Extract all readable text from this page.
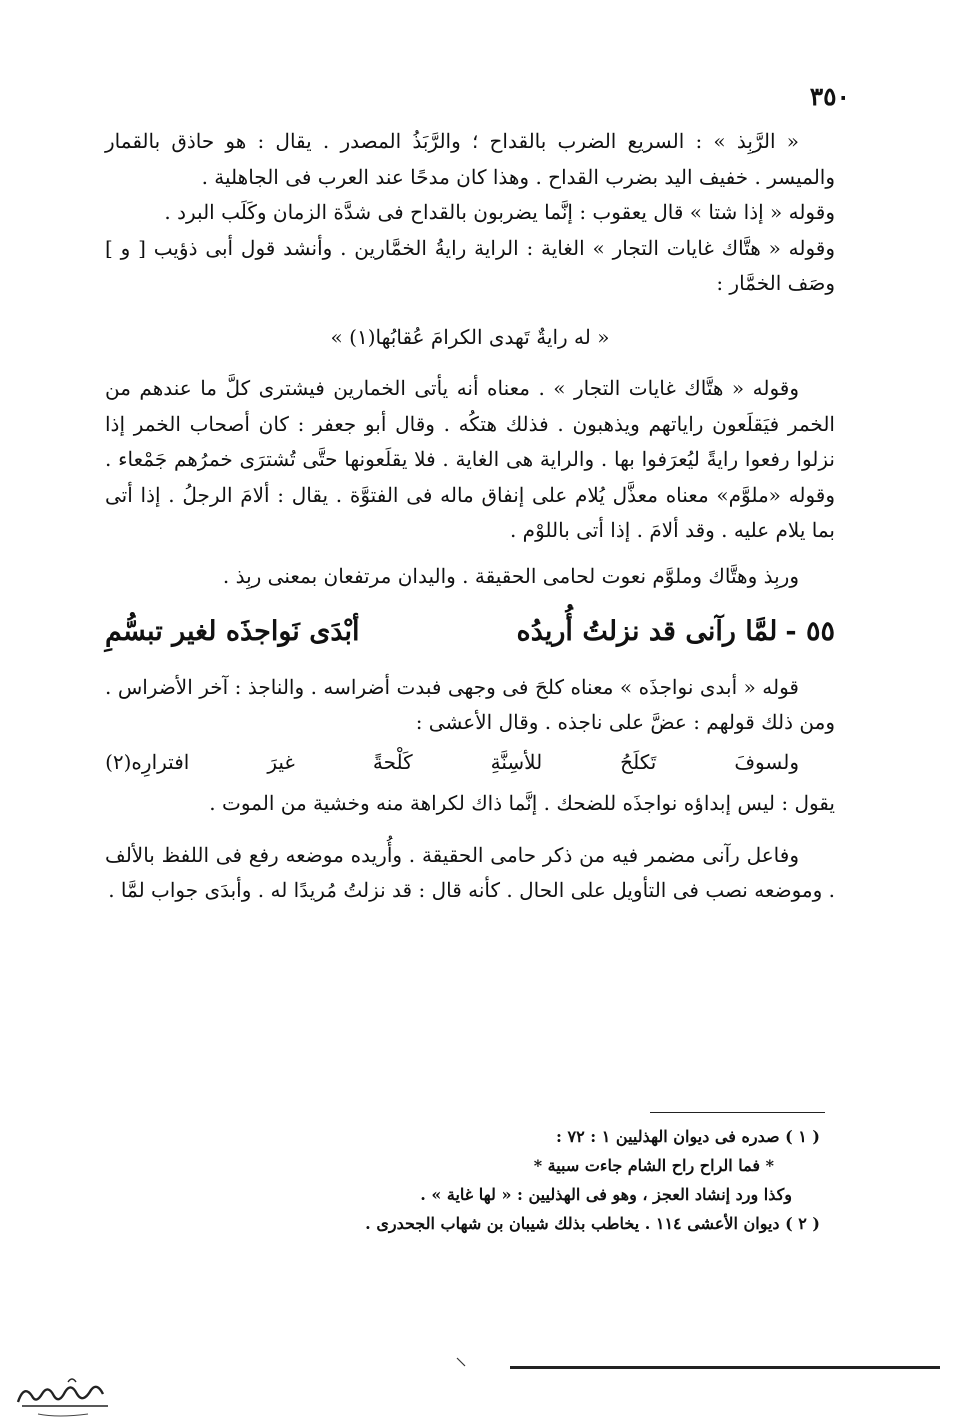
٣٥٠

« الرَّبِذ » : السريع الضرب بالقداح ؛ والرَّبَذُ المصدر . يقال : هو حاذق بالقمار والميسر . خفيف اليد بضرب القداح . وهذا كان مدحًا عند العرب فى الجاهلية .

وقوله « إذا شتا » قال يعقوب : إنَّما يضربون بالقداح فى شدَّة الزمان وكَلَب البرد .

وقوله « هتَّاك غايات التجار » الغاية : الراية رايةُ الخمَّارين . وأنشد قول أبى ذؤيب [ و ] وصَف الخمَّار :

« له رايةٌ تَهدى الكرامَ عُقابُها(١) »

وقوله « هتَّاك غايات التجار » . معناه أنه يأتى الخمارين فيشترى كلَّ ما عندهم من الخمر فيَقلَعون راياتهم ويذهبون . فذلك هتكُه . وقال أبو جعفر : كان أصحاب الخمر إذا نزلوا رفعوا رايةً ليُعرَفوا بها . والراية هى الغاية . فلا يقلَعونها حتَّى تُشترَى خمرُهم جَمْعاء . وقوله «ملوَّم» معناه معذَّل يُلام على إنفاق ماله فى الفتوَّة . يقال : ألامَ الرجلُ . إذا أتى بما يلام عليه . وقد ألامَ . إذا أتى باللوْم .

وربِذ وهتَّاك وملوَّم نعوت لحامى الحقيقة . واليدان مرتفعان بمعنى ربِذ .

٥٥ -لمَّا رآنى قد نزلتُ أُريدُه
أبْدَى نَواجذَه لغير تبسُّمِ

قوله « أبدى نواجذَه » معناه كلحَ فى وجهى فبدت أضراسه . والناجذ : آخر الأضراس . ومن ذلك قولهم : عضَّ على ناجذه . وقال الأعشى :

ولسوفَ
تَكلَحُ
للأسِنَّةِ
كَلْحةً
غيرَ
افترارِه(٢)

يقول : ليس إبداؤه نواجذَه للضحك . إنَّما ذاك لكراهة منه وخشية من الموت .

وفاعل رآنى مضمر فيه من ذكر حامى الحقيقة . وأُريده موضعه رفع فى اللفظ بالألف . وموضعه نصب فى التأويل على الحال . كأنه قال : قد نزلتُ مُريدًا له . وأبدَى جواب لمَّا .

( ١ ) صدره فى ديوان الهذليين ١ : ٧٢ :

* فما الراح راح الشام جاءت سبية *

وكذا ورد إنشاد العجز ، وهو فى الهذليين : « لها غاية » .

( ٢ ) ديوان الأعشى ١١٤ . يخاطب بذلك شيبان بن شهاب الجحدرى .
